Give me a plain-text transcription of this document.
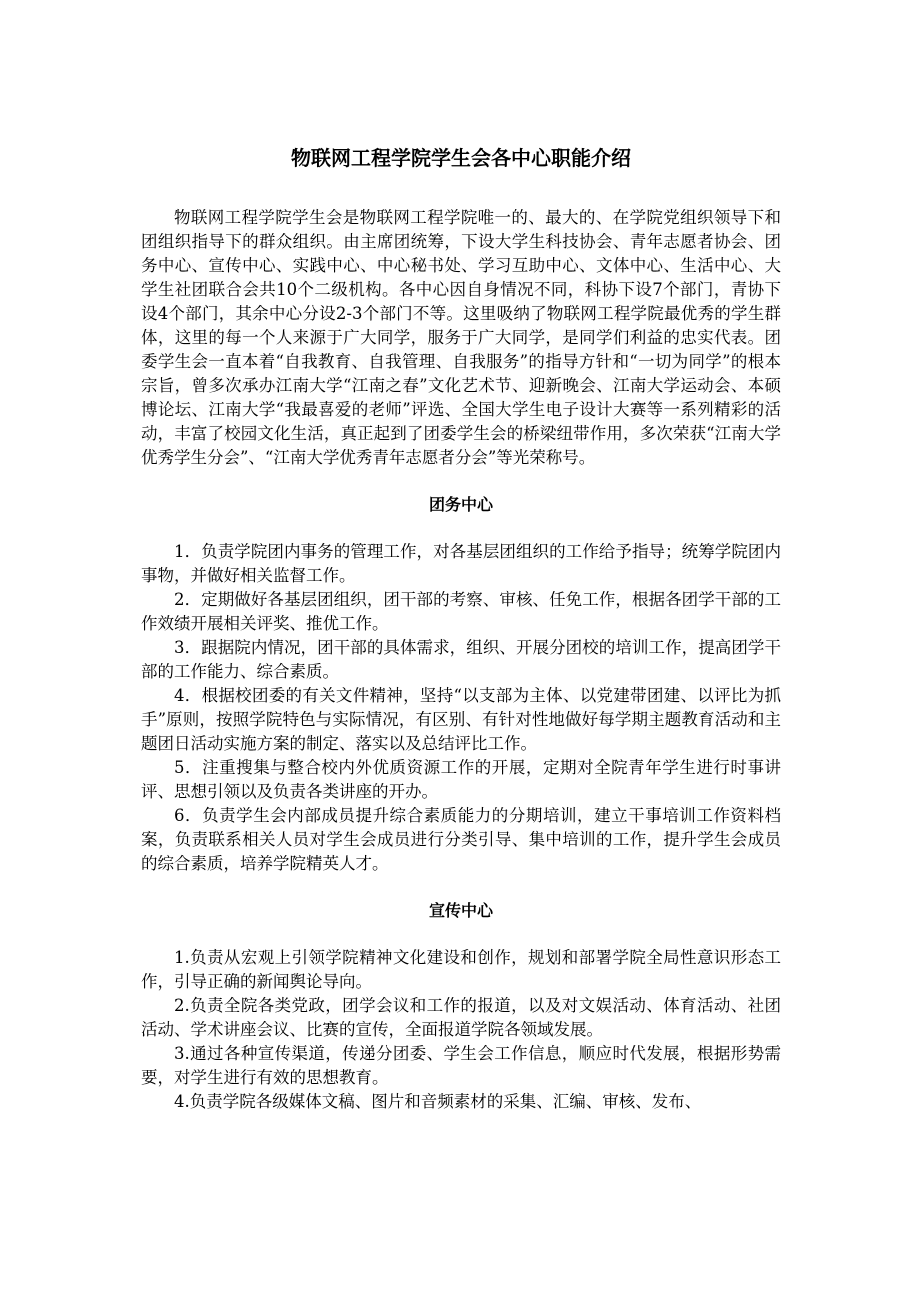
物联网工程学院学生会各中心职能介绍

物联网工程学院学生会是物联网工程学院唯一的、最大的、在学院党组织领导下和团组织指导下的群众组织。由主席团统筹，下设大学生科技协会、青年志愿者协会、团务中心、宣传中心、实践中心、中心秘书处、学习互助中心、文体中心、生活中心、大学生社团联合会共10个二级机构。各中心因自身情况不同，科协下设7个部门，青协下设4个部门，其余中心分设2-3个部门不等。这里吸纳了物联网工程学院最优秀的学生群体，这里的每一个人来源于广大同学，服务于广大同学，是同学们利益的忠实代表。团委学生会一直本着“自我教育、自我管理、自我服务”的指导方针和“一切为同学”的根本宗旨，曾多次承办江南大学“江南之春”文化艺术节、迎新晚会、江南大学运动会、本硕博论坛、江南大学“我最喜爱的老师”评选、全国大学生电子设计大赛等一系列精彩的活动，丰富了校园文化生活，真正起到了团委学生会的桥梁纽带作用，多次荣获“江南大学优秀学生分会”、“江南大学优秀青年志愿者分会”等光荣称号。

团务中心

1．负责学院团内事务的管理工作，对各基层团组织的工作给予指导；统筹学院团内事物，并做好相关监督工作。

2．定期做好各基层团组织，团干部的考察、审核、任免工作，根据各团学干部的工作效绩开展相关评奖、推优工作。

3．跟据院内情况，团干部的具体需求，组织、开展分团校的培训工作，提高团学干部的工作能力、综合素质。

4．根据校团委的有关文件精神，坚持“以支部为主体、以党建带团建、以评比为抓手”原则，按照学院特色与实际情况，有区别、有针对性地做好每学期主题教育活动和主题团日活动实施方案的制定、落实以及总结评比工作。

5．注重搜集与整合校内外优质资源工作的开展，定期对全院青年学生进行时事讲评、思想引领以及负责各类讲座的开办。

6．负责学生会内部成员提升综合素质能力的分期培训，建立干事培训工作资料档案，负责联系相关人员对学生会成员进行分类引导、集中培训的工作，提升学生会成员的综合素质，培养学院精英人才。

宣传中心

1.负责从宏观上引领学院精神文化建设和创作，规划和部署学院全局性意识形态工作，引导正确的新闻舆论导向。

2.负责全院各类党政，团学会议和工作的报道，以及对文娱活动、体育活动、社团活动、学术讲座会议、比赛的宣传，全面报道学院各领域发展。

3.通过各种宣传渠道，传递分团委、学生会工作信息，顺应时代发展，根据形势需要，对学生进行有效的思想教育。

4.负责学院各级媒体文稿、图片和音频素材的采集、汇编、审核、发布、
